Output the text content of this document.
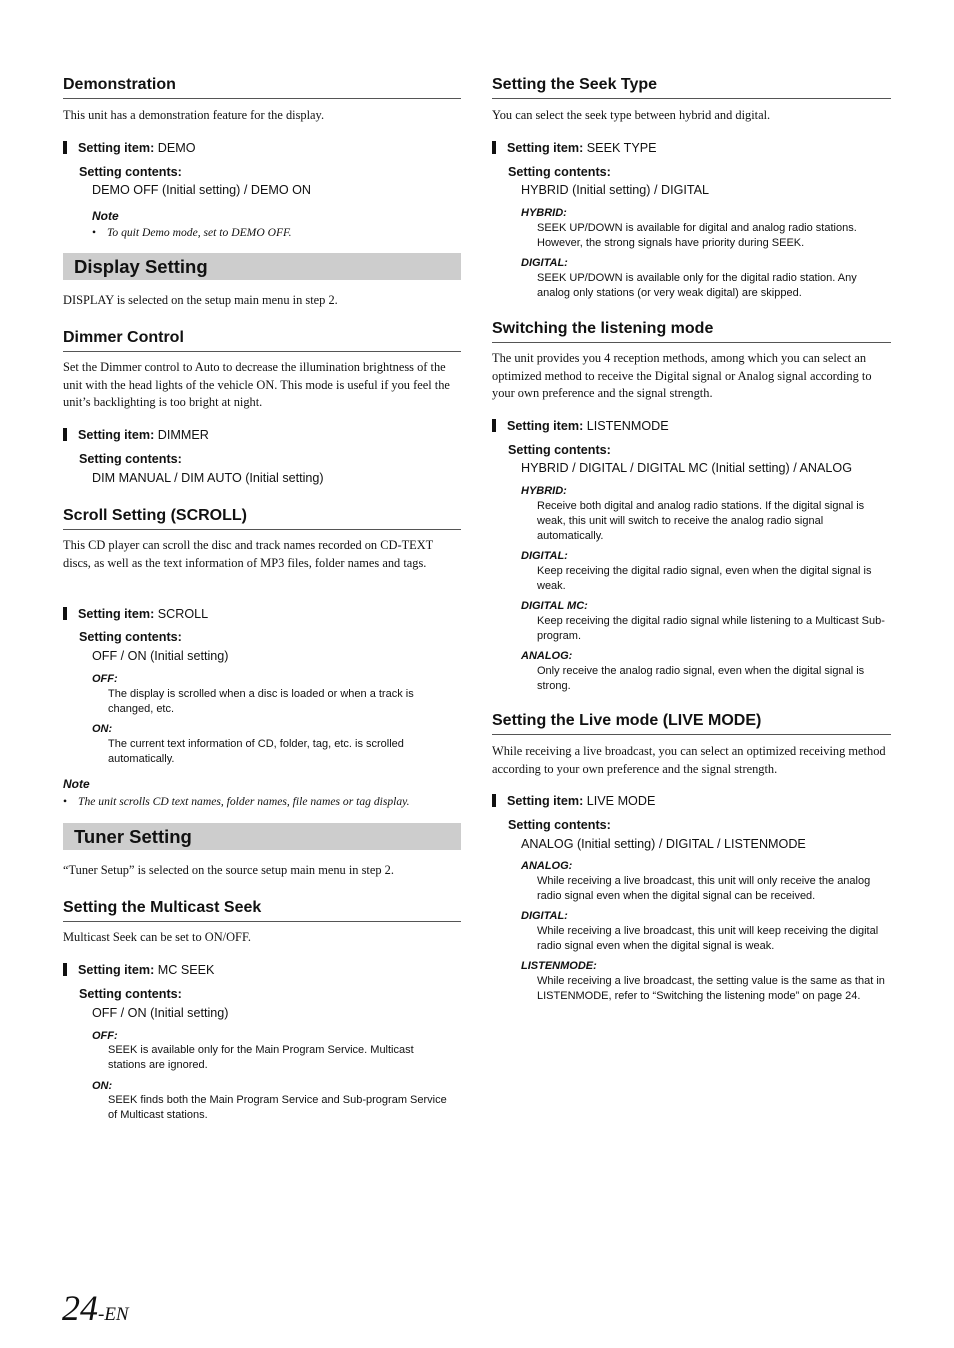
Demonstration
This unit has a demonstration feature for the display.
Setting item: DEMO
Setting contents:
DEMO OFF (Initial setting) / DEMO ON
Note
• To quit Demo mode, set to DEMO OFF.
Display Setting
DISPLAY is selected on the setup main menu in step 2.
Dimmer Control
Set the Dimmer control to Auto to decrease the illumination brightness of the unit with the head lights of the vehicle ON. This mode is useful if you feel the unit’s backlighting is too bright at night.
Setting item: DIMMER
Setting contents:
DIM MANUAL / DIM AUTO (Initial setting)
Scroll Setting (SCROLL)
This CD player can scroll the disc and track names recorded on CD-TEXT discs, as well as the text information of MP3 files, folder names and tags.
Setting item: SCROLL
Setting contents:
OFF / ON (Initial setting)
OFF:
The display is scrolled when a disc is loaded or when a track is changed, etc.
ON:
The current text information of CD, folder, tag, etc. is scrolled automatically.
Note
• The unit scrolls CD text names, folder names, file names or tag display.
Tuner Setting
“Tuner Setup” is selected on the source setup main menu in step 2.
Setting the Multicast Seek
Multicast Seek can be set to ON/OFF.
Setting item: MC SEEK
Setting contents:
OFF / ON (Initial setting)
OFF:
SEEK is available only for the Main Program Service. Multicast stations are ignored.
ON:
SEEK finds both the Main Program Service and Sub-program Service of Multicast stations.
Setting the Seek Type
You can select the seek type between hybrid and digital.
Setting item: SEEK TYPE
Setting contents:
HYBRID (Initial setting) / DIGITAL
HYBRID:
SEEK UP/DOWN is available for digital and analog radio stations. However, the strong signals have priority during SEEK.
DIGITAL:
SEEK UP/DOWN is available only for the digital radio station. Any analog only stations (or very weak digital) are skipped.
Switching the listening mode
The unit provides you 4 reception methods, among which you can select an optimized method to receive the Digital signal or Analog signal according to your own preference and the signal strength.
Setting item: LISTENMODE
Setting contents:
HYBRID / DIGITAL / DIGITAL MC (Initial setting) / ANALOG
HYBRID:
Receive both digital and analog radio stations. If the digital signal is weak, this unit will switch to receive the analog radio signal automatically.
DIGITAL:
Keep receiving the digital radio signal, even when the digital signal is weak.
DIGITAL MC:
Keep receiving the digital radio signal while listening to a Multicast Sub-program.
ANALOG:
Only receive the analog radio signal, even when the digital signal is strong.
Setting the Live mode (LIVE MODE)
While receiving a live broadcast, you can select an optimized receiving method according to your own preference and the signal strength.
Setting item: LIVE MODE
Setting contents:
ANALOG (Initial setting) / DIGITAL / LISTENMODE
ANALOG:
While receiving a live broadcast, this unit will only receive the analog radio signal even when the digital signal can be received.
DIGITAL:
While receiving a live broadcast, this unit will keep receiving the digital radio signal even when the digital signal is weak.
LISTENMODE:
While receiving a live broadcast, the setting value is the same as that in LISTENMODE, refer to “Switching the listening mode” on page 24.
24-EN
